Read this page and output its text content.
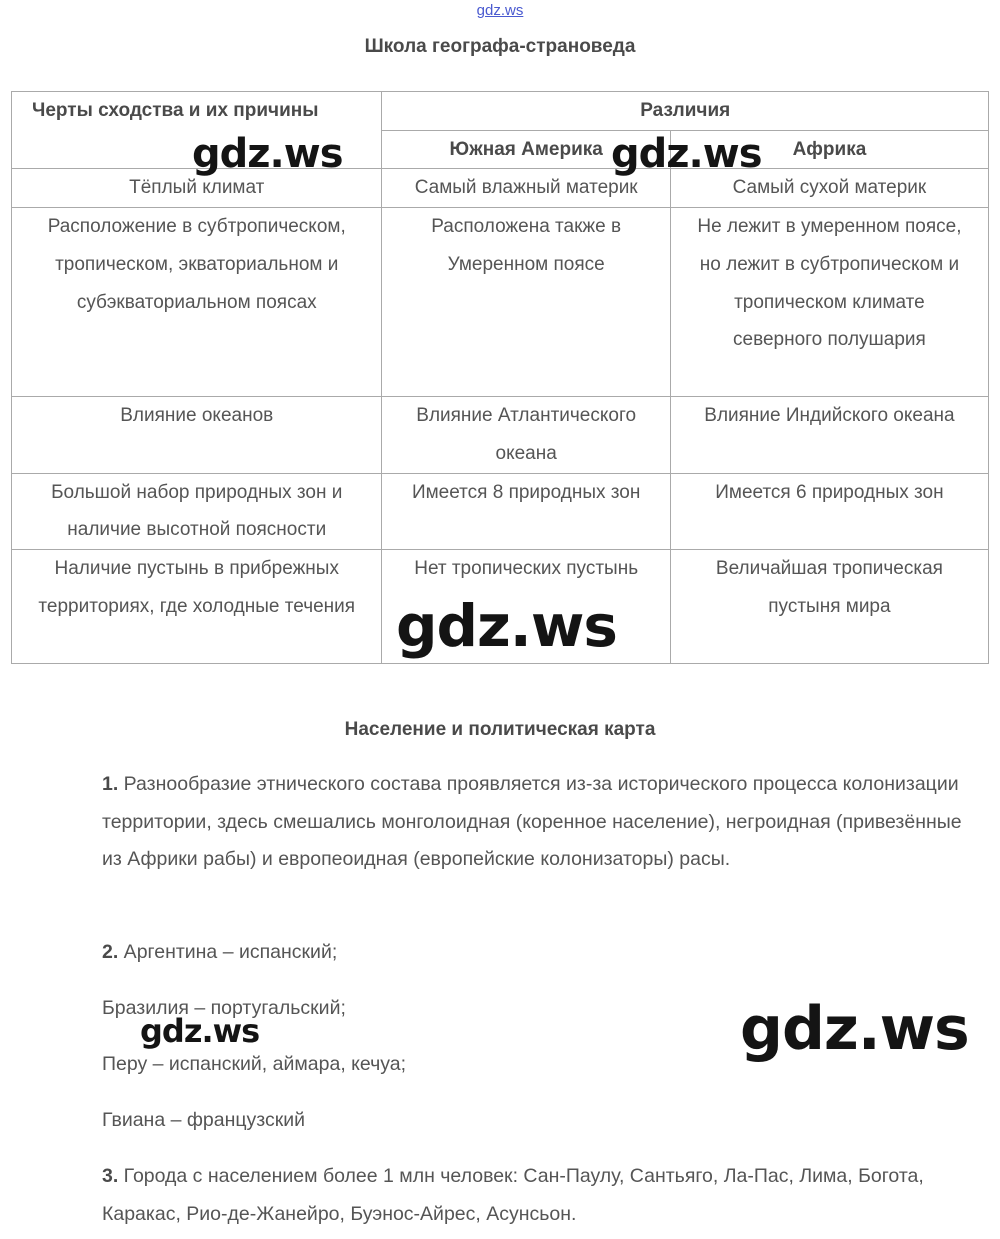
gdz.ws
Школа географа-страноведа
Черты сходства и их причины	Различия	
	Южная Америка	Африка
Тёплый климат	Самый влажный материк	Самый сухой материк
Расположение в субтропическом, тропическом, экваториальном и субэкваториальном поясах	Расположена также в Умеренном поясе	Не лежит в умеренном поясе, но лежит в субтропическом и тропическом климате северного полушария
Влияние океанов	Влияние Атлантического океана	Влияние Индийского океана
Большой набор природных зон и наличие высотной поясности	Имеется 8 природных зон	Имеется 6 природных зон
Наличие пустынь в прибрежных территориях, где холодные течения	Нет тропических пустынь	Величайшая тропическая пустыня мира
Население и политическая карта
1. Разнообразие этнического состава проявляется из-за исторического процесса колонизации территории, здесь смешались монголоидная (коренное население), негроидная (привезённые из Африки рабы) и европеоидная (европейские колонизаторы) расы.
2. Аргентина – испанский;
Бразилия – португальский;
Перу – испанский, аймара, кечуа;
Гвиана – французский
3. Города с населением более 1 млн человек: Сан-Паулу, Сантьяго, Ла-Пас, Лима, Богота, Каракас, Рио-де-Жанейро, Буэнос-Айрес, Асунсьон.
gdz.ws	gdz.ws
gdz.ws
gdz.ws	gdz.ws
